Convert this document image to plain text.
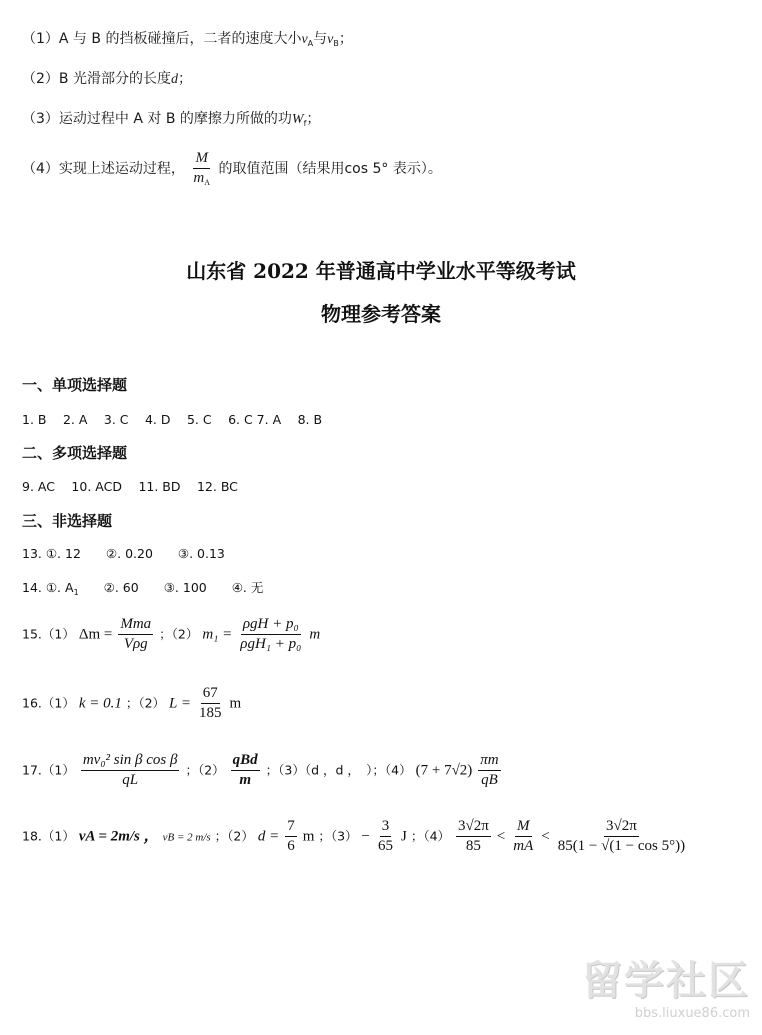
（1）A 与 B 的挡板碰撞后，二者的速度大小$v_A$与$v_B$；
（2）B 光滑部分的长度d；
（3）运动过程中 A 对 B 的摩擦力所做的功$W_f$；
（4）实现上述运动过程， $\frac{M}{m_A}$ 的取值范围（结果用cos 5° 表示）。
山东省 2022 年普通高中学业水平等级考试
物理参考答案
一、单项选择题
1. B　 2. A　 3. C　 4. D　 5. C　 6. C 7. A　 8. B
二、多项选择题
9. AC　 10. ACD　 11. BD　 12. BC
三、非选择题
13. ①. 12　　②. 0.20　　③. 0.13
14. ①. $A_1$　　②. 60　　③. 100　　④. 无
15.（1） $\Delta m = \frac{\text{Mma}}{\text{Vρg}}$ ；（2） $m_1 = \frac{\text{ρgH + p₀}}{\text{ρgH₁ + p₀}}$ m
16.（1） k = 0.1 ；（2） $L = \frac{67}{185}$ m
$17.(1) \frac{\text{mv₀² sin β cos β}}{qL}$ ；$(2) \frac{\text{qBd}}{m}$ ；（3）（d ，d ，　）；（4） $(7 + 7√2) \frac{\pi m}{qB}$
18.（1） vA = 2m/s ， vB = 2 m/s ；（2） $d = \frac{7}{6}$ m ；$(3) - \frac{3}{65}$ J ；$(4) \frac{3√2\pi}{85} < \frac{M}{mA} < \frac{3√2\pi}{85(1 - √(1 - \cos 5^\circ))}$
留学社区
bbs.liuxue86.com
